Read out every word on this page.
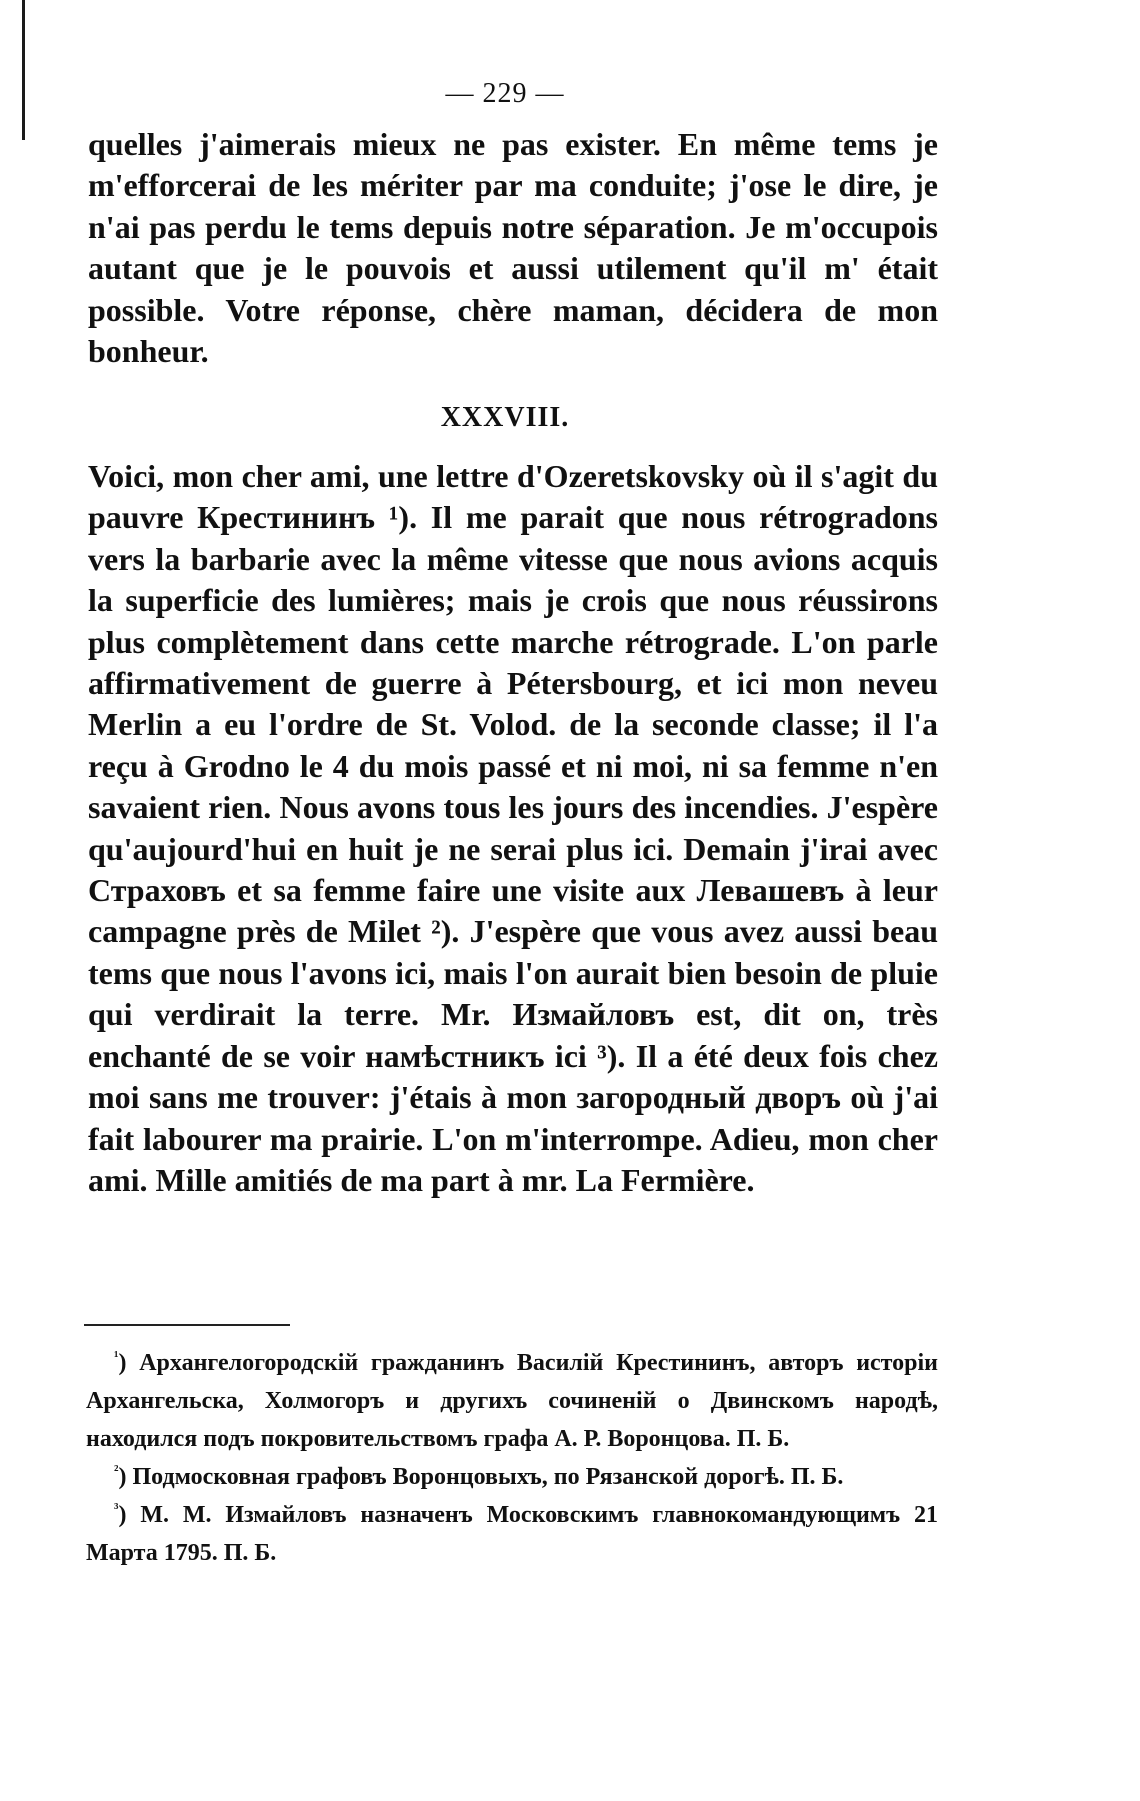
— 229 —

quelles j'aimerais mieux ne pas exister. En même tems je m'efforcerai de les mériter par ma conduite; j'ose le dire, je n'ai pas perdu le tems depuis notre séparation. Je m'occupois autant que je le pouvois et aussi utilement qu'il m' était possible. Votre réponse, chère maman, décidera de mon bonheur.

XXXVIII.

Voici, mon cher ami, une lettre d'Ozeretskovsky où il s'agit du pauvre Крестининъ ¹). Il me parait que nous rétrogradons vers la barbarie avec la même vitesse que nous avions acquis la superficie des lumières; mais je crois que nous réussirons plus complètement dans cette marche rétrograde. L'on parle affirmativement de guerre à Pétersbourg, et ici mon neveu Merlin a eu l'ordre de St. Volod. de la seconde classe; il l'a reçu à Grodno le 4 du mois passé et ni moi, ni sa femme n'en savaient rien. Nous avons tous les jours des incendies. J'espère qu'aujourd'hui en huit je ne serai plus ici. Demain j'irai avec Страховъ et sa femme faire une visite aux Левашевъ à leur campagne près de Milet ²). J'espère que vous avez aussi beau tems que nous l'avons ici, mais l'on aurait bien besoin de pluie qui verdirait la terre. Mr. Измайловъ est, dit on, très enchanté de se voir намѣстникъ ici ³). Il a été deux fois chez moi sans me trouver: j'étais à mon загородный дворъ où j'ai fait labourer ma prairie. L'on m'interrompe. Adieu, mon cher ami. Mille amitiés de ma part à mr. La Fermière.

$^{^1}$) Архангелогородскій гражданинъ Василій Крестининъ, авторъ исторіи Архангельска, Холмогоръ и другихъ сочиненій о Двинскомъ народѣ, находился подъ покровительствомъ графа А. Р. Воронцова. П. Б.

$^{^2}$) Подмосковная графовъ Воронцовыхъ, по Рязанской дорогѣ. П. Б.

$^{^3}$) М. М. Измайловъ назначенъ Московскимъ главнокомандующимъ 21 Марта 1795. П. Б.
